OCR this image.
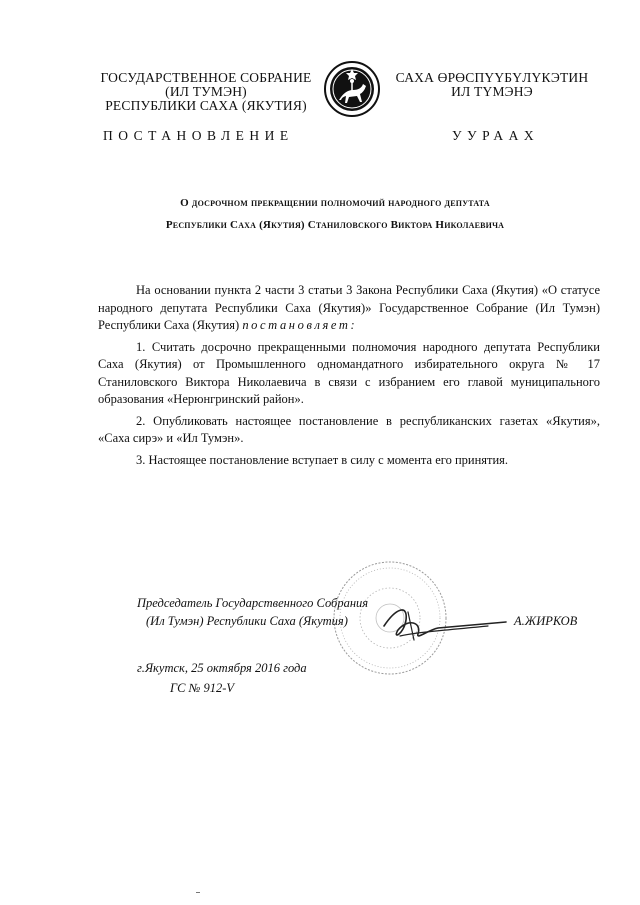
ГОСУДАРСТВЕННОЕ СОБРАНИЕ
(ИЛ ТУМЭН)
РЕСПУБЛИКИ САХА (ЯКУТИЯ)
САХА ӨРӨСПҮҮБҮЛҮКЭТИН
ИЛ ТҮМЭНЭ
ПОСТАНОВЛЕНИЕ	УУРААХ
О досрочном прекращении полномочий народного депутата
Республики Саха (Якутия) Станиловского Виктора Николаевича

На основании пункта 2 части 3 статьи 3 Закона Республики Саха (Якутия) «О статусе народного депутата Республики Саха (Якутия)» Государственное Собрание (Ил Тумэн) Республики Саха (Якутия) постановляет:

1. Считать досрочно прекращенными полномочия народного депутата Республики Саха (Якутия) от Промышленного одномандатного избирательного округа № 17 Станиловского Виктора Николаевича в связи с избранием его главой муниципального образования «Нерюнгринский район».

2. Опубликовать настоящее постановление в республиканских газетах «Якутия», «Саха сирэ» и «Ил Тумэн».

3. Настоящее постановление вступает в силу с момента его принятия.

Председатель Государственного Собрания
(Ил Тумэн) Республики Саха (Якутия)	А.ЖИРКОВ
г.Якутск, 25 октября 2016 года
ГС № 912-V
